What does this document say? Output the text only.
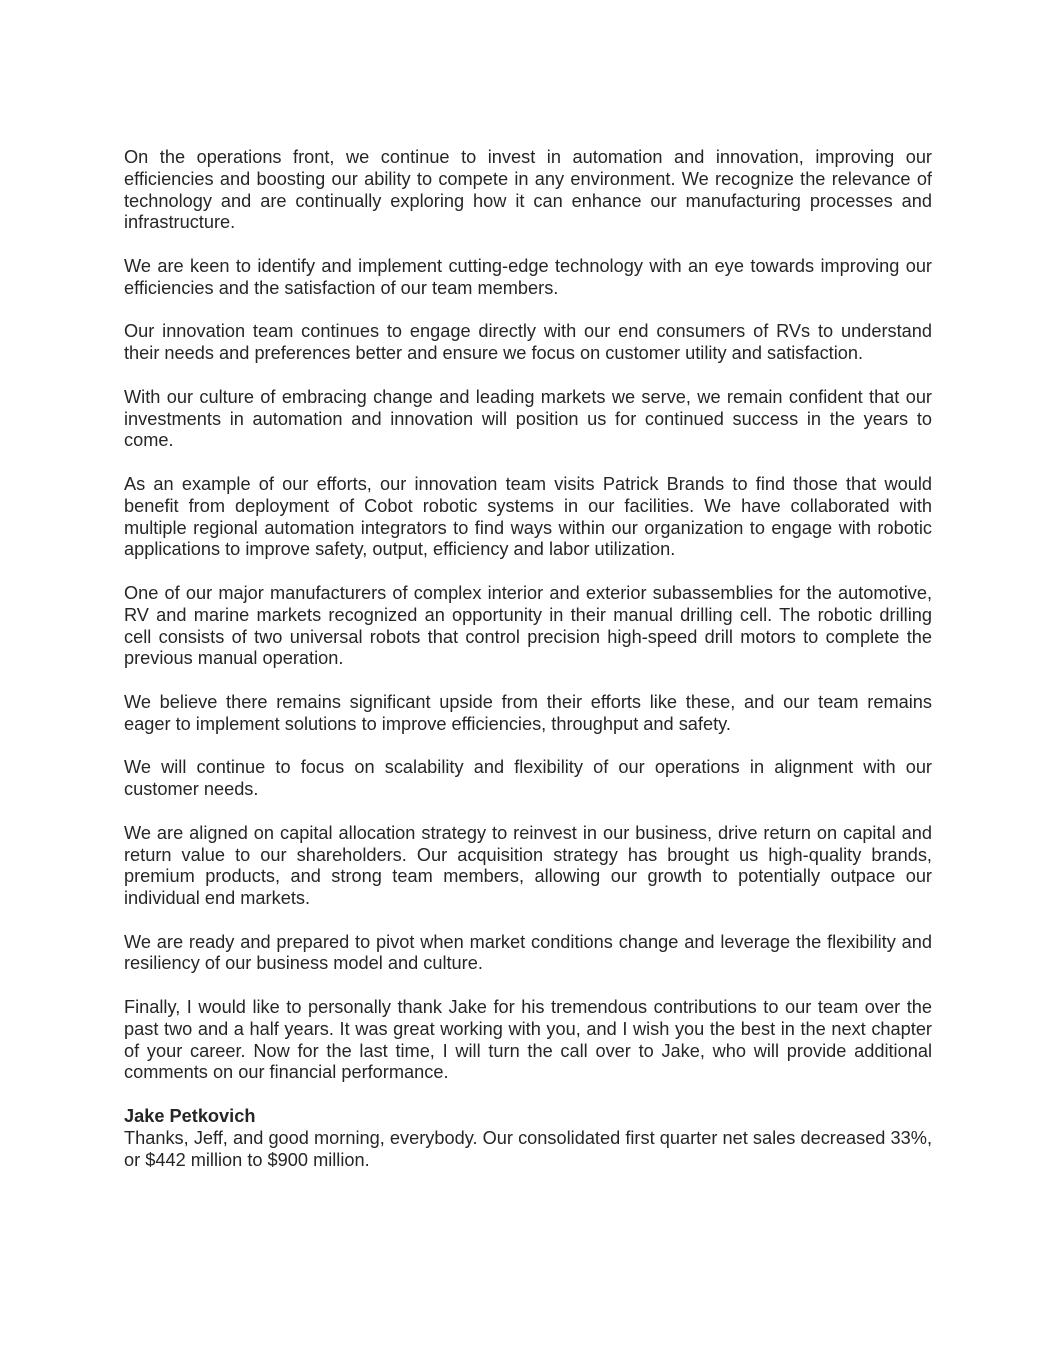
On the operations front, we continue to invest in automation and innovation, improving our efficiencies and boosting our ability to compete in any environment. We recognize the relevance of technology and are continually exploring how it can enhance our manufacturing processes and infrastructure.

We are keen to identify and implement cutting-edge technology with an eye towards improving our efficiencies and the satisfaction of our team members.

Our innovation team continues to engage directly with our end consumers of RVs to understand their needs and preferences better and ensure we focus on customer utility and satisfaction.

With our culture of embracing change and leading markets we serve, we remain confident that our investments in automation and innovation will position us for continued success in the years to come.

As an example of our efforts, our innovation team visits Patrick Brands to find those that would benefit from deployment of Cobot robotic systems in our facilities. We have collaborated with multiple regional automation integrators to find ways within our organization to engage with robotic applications to improve safety, output, efficiency and labor utilization.

One of our major manufacturers of complex interior and exterior subassemblies for the automotive, RV and marine markets recognized an opportunity in their manual drilling cell. The robotic drilling cell consists of two universal robots that control precision high-speed drill motors to complete the previous manual operation.

We believe there remains significant upside from their efforts like these, and our team remains eager to implement solutions to improve efficiencies, throughput and safety.

We will continue to focus on scalability and flexibility of our operations in alignment with our customer needs.

We are aligned on capital allocation strategy to reinvest in our business, drive return on capital and return value to our shareholders. Our acquisition strategy has brought us high-quality brands, premium products, and strong team members, allowing our growth to potentially outpace our individual end markets.

We are ready and prepared to pivot when market conditions change and leverage the flexibility and resiliency of our business model and culture.

Finally, I would like to personally thank Jake for his tremendous contributions to our team over the past two and a half years. It was great working with you, and I wish you the best in the next chapter of your career. Now for the last time, I will turn the call over to Jake, who will provide additional comments on our financial performance.

Jake Petkovich

Thanks, Jeff, and good morning, everybody. Our consolidated first quarter net sales decreased 33%, or $442 million to $900 million.
